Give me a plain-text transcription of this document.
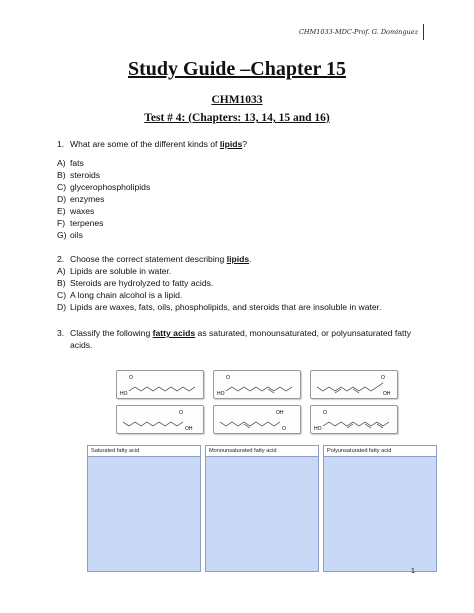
CHM1033-MDC-Prof. G. Dominguez
Study Guide –Chapter 15
CHM1033
Test # 4: (Chapters: 13, 14, 15 and 16)
1. What are some of the different kinds of lipids?
A) fats
B) steroids
C) glycerophospholipids
D) enzymes
E) waxes
F) terpenes
G) oils
2. Choose the correct statement describing lipids.
A) Lipids are soluble in water.
B) Steroids are hydrolyzed to fatty acids.
C) A long chain alcohol is a lipid.
D) Lipids are waxes, fats, oils, phospholipids, and steroids that are insoluble in water.
3. Classify the following fatty acids as saturated, monounsaturated, or polyunsaturated fatty
acids.
HO
O
HO
O	O
OH
O
OH
OH
O	HO
O
Saturated fatty acid	Monounsaturated fatty acid	Polyunsaturated fatty acid
1
